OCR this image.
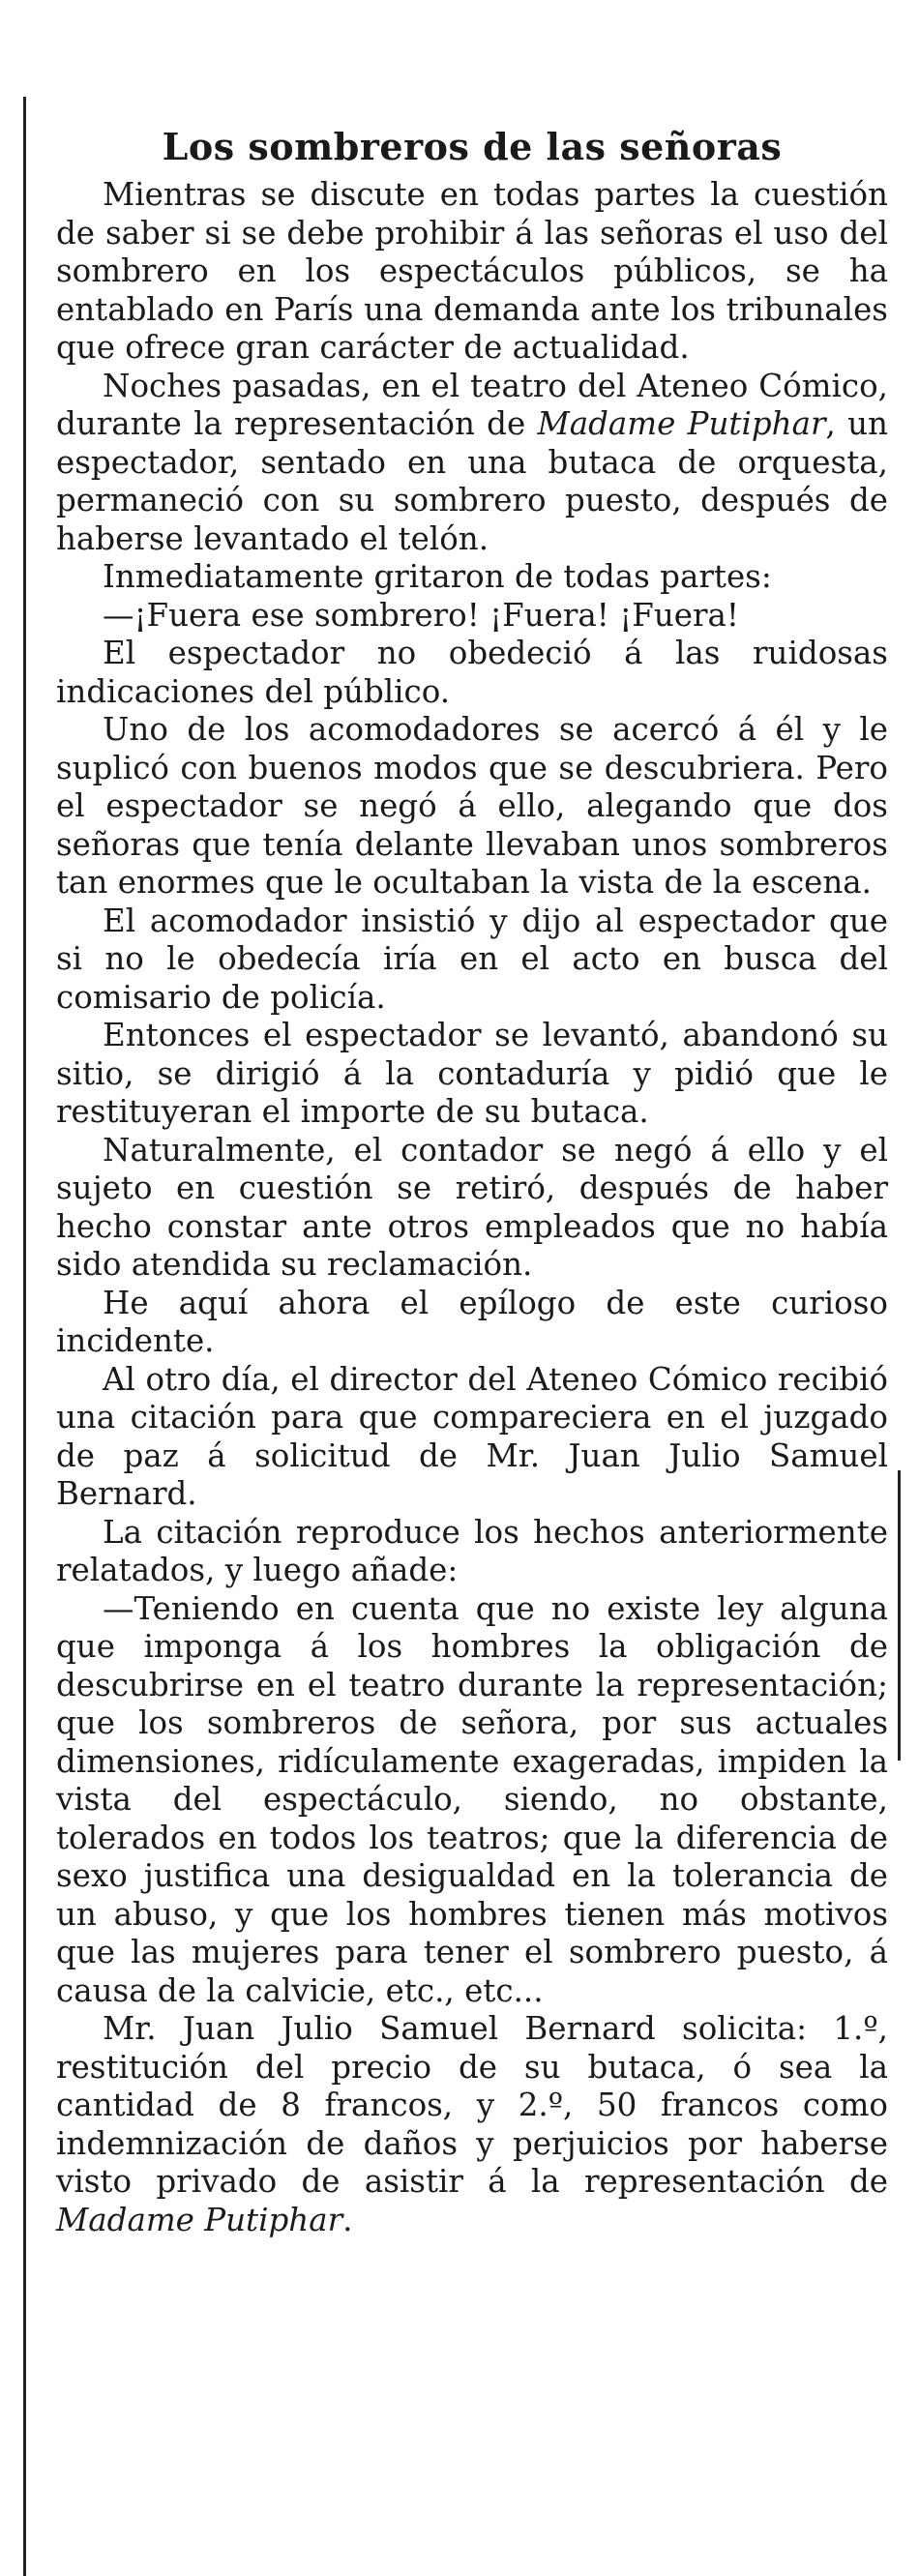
Los sombreros de las señoras

Mientras se discute en todas partes la cuestión de saber si se debe prohibir á las señoras el uso del sombrero en los espectáculos públicos, se ha entablado en París una demanda ante los tribunales que ofrece gran carácter de actualidad.

Noches pasadas, en el teatro del Ateneo Cómico, durante la representación de Madame Putiphar, un espectador, sentado en una butaca de orquesta, permaneció con su sombrero puesto, después de haberse levantado el telón.

Inmediatamente gritaron de todas partes:

—¡Fuera ese sombrero! ¡Fuera! ¡Fuera!

El espectador no obedeció á las ruidosas indicaciones del público.

Uno de los acomodadores se acercó á él y le suplicó con buenos modos que se descubriera. Pero el espectador se negó á ello, alegando que dos señoras que tenía delante llevaban unos sombreros tan enormes que le ocultaban la vista de la escena.

El acomodador insistió y dijo al espectador que si no le obedecía iría en el acto en busca del comisario de policía.

Entonces el espectador se levantó, abandonó su sitio, se dirigió á la contaduría y pidió que le restituyeran el importe de su butaca.

Naturalmente, el contador se negó á ello y el sujeto en cuestión se retiró, después de haber hecho constar ante otros empleados que no había sido atendida su reclamación.

He aquí ahora el epílogo de este curioso incidente.

Al otro día, el director del Ateneo Cómico recibió una citación para que compareciera en el juzgado de paz á solicitud de Mr. Juan Julio Samuel Bernard.

La citación reproduce los hechos anteriormente relatados, y luego añade:

—Teniendo en cuenta que no existe ley alguna que imponga á los hombres la obligación de descubrirse en el teatro durante la representación; que los sombreros de señora, por sus actuales dimensiones, ridículamente exageradas, impiden la vista del espectáculo, siendo, no obstante, tolerados en todos los teatros; que la diferencia de sexo justifica una desigualdad en la tolerancia de un abuso, y que los hombres tienen más motivos que las mujeres para tener el sombrero puesto, á causa de la calvicie, etc., etc...

Mr. Juan Julio Samuel Bernard solicita: 1.º, restitución del precio de su butaca, ó sea la cantidad de 8 francos, y 2.º, 50 francos como indemnización de daños y perjuicios por haberse visto privado de asistir á la representación de Madame Putiphar.
